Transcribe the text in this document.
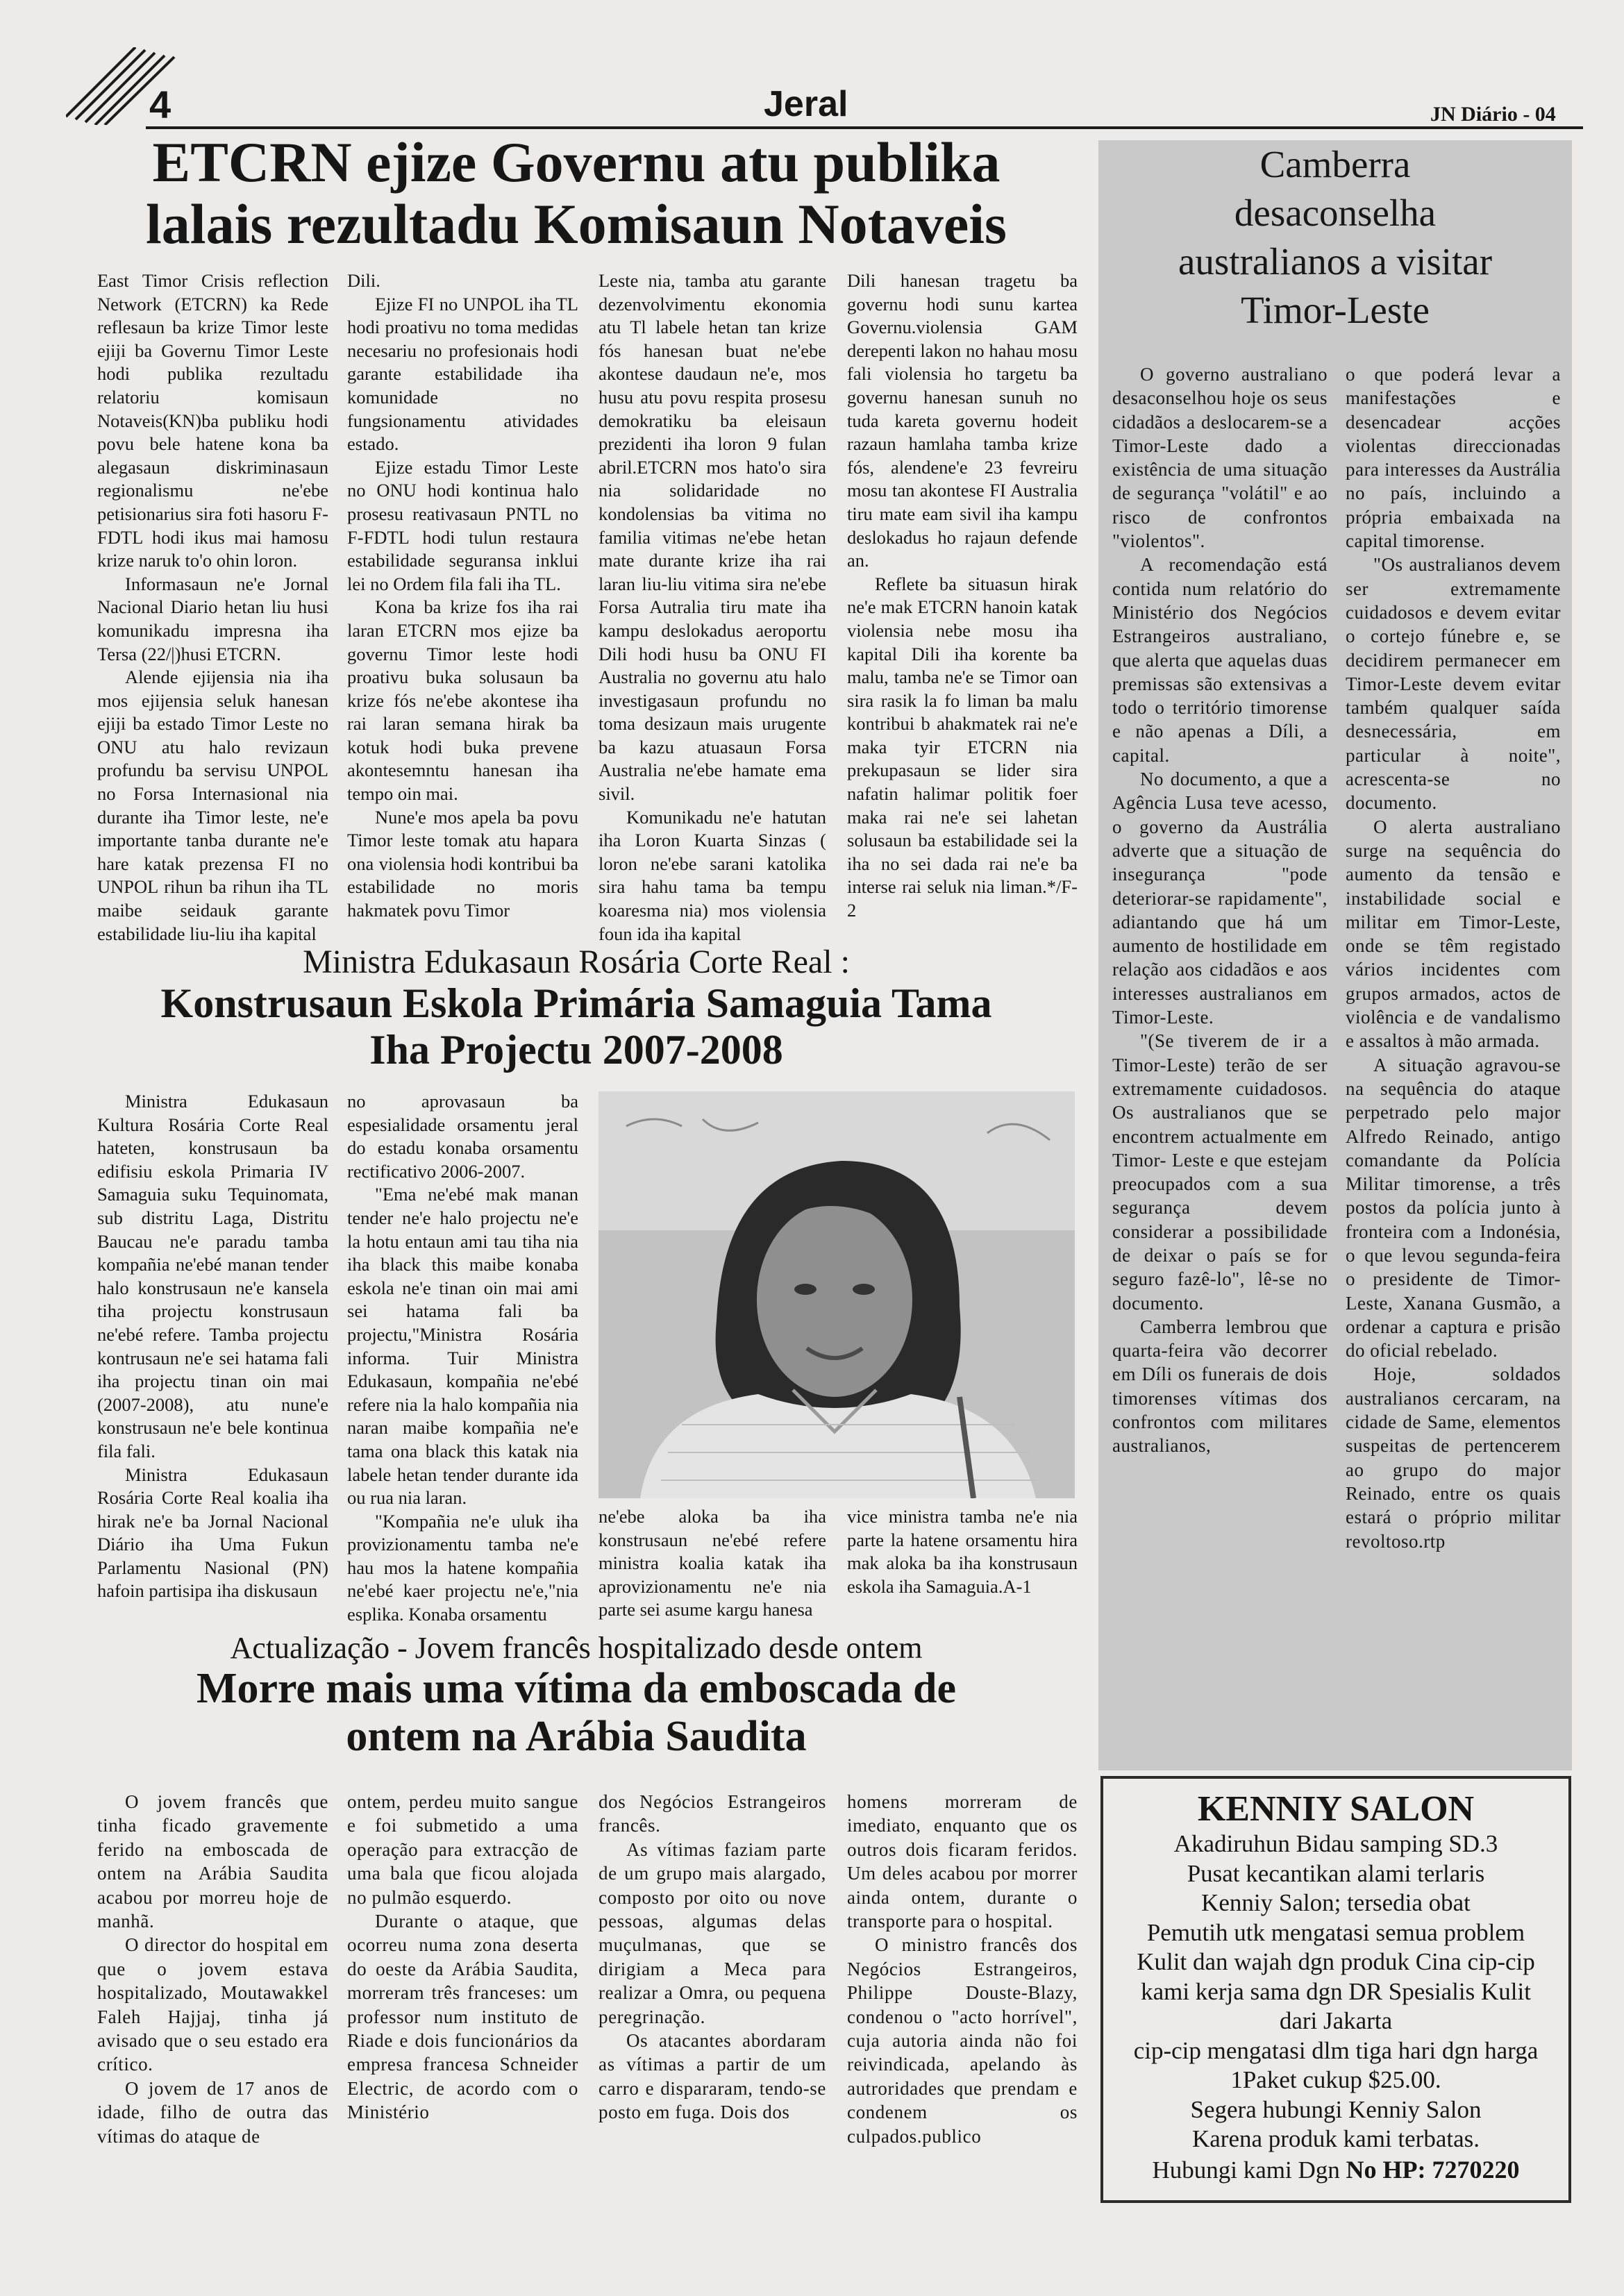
4	Jeral	JN Diário - 04
ETCRN ejize Governu atu publika
lalais rezultadu Komisaun Notaveis

East Timor Crisis reflection Network (ETCRN) ka Rede reflesaun ba krize Timor leste ejiji ba Governu Timor Leste hodi publika rezultadu relatoriu komisaun Notaveis(KN)ba publiku hodi povu bele hatene kona ba alegasaun diskriminasaun regionalismu ne'ebe petisionarius sira foti hasoru F-FDTL hodi ikus mai hamosu krize naruk to'o ohin loron.

Informasaun ne'e Jornal Nacional Diario hetan liu husi komunikadu impresna iha Tersa (22/|)husi ETCRN.

Alende ejijensia nia iha mos ejijensia seluk hanesan ejiji ba estado Timor Leste no ONU atu halo revizaun profundu ba servisu UNPOL no Forsa Internasional nia durante iha Timor leste, ne'e importante tanba durante ne'e hare katak prezensa FI no UNPOL rihun ba rihun iha TL maibe seidauk garante estabilidade liu-liu iha kapital

Dili.

Ejize FI no UNPOL iha TL hodi proativu no toma medidas necesariu no profesionais hodi garante estabilidade iha komunidade no fungsionamentu atividades estado.

Ejize estadu Timor Leste no ONU hodi kontinua halo prosesu reativasaun PNTL no F-FDTL hodi tulun restaura estabilidade seguransa inklui lei no Ordem fila fali iha TL.

Kona ba krize fos iha rai laran ETCRN mos ejize ba governu Timor leste hodi proativu buka solusaun ba krize fós ne'ebe akontese iha rai laran semana hirak ba kotuk hodi buka prevene akontesemntu hanesan iha tempo oin mai.

Nune'e mos apela ba povu Timor leste tomak atu hapara ona violensia hodi kontribui ba estabilidade no moris hakmatek povu Timor

Leste nia, tamba atu garante dezenvolvimentu ekonomia atu Tl labele hetan tan krize fós hanesan buat ne'ebe akontese daudaun ne'e, mos husu atu povu respita prosesu demokratiku ba eleisaun prezidenti iha loron 9 fulan abril.ETCRN mos hato'o sira nia solidaridade no kondolensias ba vitima no familia vitimas ne'ebe hetan mate durante krize iha rai laran liu-liu vitima sira ne'ebe Forsa Autralia tiru mate iha kampu deslokadus aeroportu Dili hodi husu ba ONU FI Australia no governu atu halo investigasaun profundu no toma desizaun mais urugente ba kazu atuasaun Forsa Australia ne'ebe hamate ema sivil.

Komunikadu ne'e hatutan iha Loron Kuarta Sinzas ( loron ne'ebe sarani katolika sira hahu tama ba tempu koaresma nia) mos violensia foun ida iha kapital

Dili hanesan tragetu ba governu hodi sunu kartea Governu.violensia GAM derepenti lakon no hahau mosu fali violensia ho targetu ba governu hanesan sunuh no tuda kareta governu hodeit razaun hamlaha tamba krize fós, alendene'e 23 fevreiru mosu tan akontese FI Australia tiru mate eam sivil iha kampu deslokadus ho rajaun defende an.

Reflete ba situasun hirak ne'e mak ETCRN hanoin katak violensia nebe mosu iha kapital Dili iha korente ba malu, tamba ne'e se Timor oan sira rasik la fo liman ba malu kontribui b ahakmatek rai ne'e maka tyir ETCRN nia prekupasaun se lider sira nafatin halimar politik foer maka rai ne'e sei lahetan solusaun ba estabilidade sei la iha no sei dada rai ne'e ba interse rai seluk nia liman.*/F-2

Ministra Edukasaun Rosária Corte Real :
Konstrusaun Eskola Primária Samaguia Tama
Iha Projectu 2007-2008

Ministra Edukasaun Kultura Rosária Corte Real hateten, konstrusaun ba edifisiu eskola Primaria IV Samaguia suku Tequinomata, sub distritu Laga, Distritu Baucau ne'e paradu tamba kompañia ne'ebé manan tender halo konstrusaun ne'e kansela tiha projectu konstrusaun ne'ebé refere. Tamba projectu kontrusaun ne'e sei hatama fali iha projectu tinan oin mai (2007-2008), atu nune'e konstrusaun ne'e bele kontinua fila fali.

Ministra Edukasaun Rosária Corte Real koalia iha hirak ne'e ba Jornal Nacional Diário iha Uma Fukun Parlamentu Nasional (PN) hafoin partisipa iha diskusaun

no aprovasaun ba espesialidade orsamentu jeral do estadu konaba orsamentu rectificativo 2006-2007.

"Ema ne'ebé mak manan tender ne'e halo projectu ne'e la hotu entaun ami tau tiha nia iha black this maibe konaba eskola ne'e tinan oin mai ami sei hatama fali ba projectu,"Ministra Rosária informa. Tuir Ministra Edukasaun, kompañia ne'ebé refere nia la halo kompañia nia naran maibe kompañia ne'e tama ona black this katak nia labele hetan tender durante ida ou rua nia laran.

"Kompañia ne'e uluk iha provizionamentu tamba ne'e hau mos la hatene kompañia ne'ebé kaer projectu ne'e,"nia esplika. Konaba orsamentu

ne'ebe aloka ba iha konstrusaun ne'ebé refere ministra koalia katak iha aprovizionamentu ne'e nia parte sei asume kargu hanesa

vice ministra tamba ne'e nia parte la hatene orsamentu hira mak aloka ba iha konstrusaun eskola iha Samaguia.A-1

Actualização - Jovem francês hospitalizado desde ontem
Morre mais uma vítima da emboscada de
ontem na Arábia Saudita

O jovem francês que tinha ficado gravemente ferido na emboscada de ontem na Arábia Saudita acabou por morreu hoje de manhã.

O director do hospital em que o jovem estava hospitalizado, Moutawakkel Faleh Hajjaj, tinha já avisado que o seu estado era crítico.

O jovem de 17 anos de idade, filho de outra das vítimas do ataque de

ontem, perdeu muito sangue e foi submetido a uma operação para extracção de uma bala que ficou alojada no pulmão esquerdo.

Durante o ataque, que ocorreu numa zona deserta do oeste da Arábia Saudita, morreram três franceses: um professor num instituto de Riade e dois funcionários da empresa francesa Schneider Electric, de acordo com o Ministério

dos Negócios Estrangeiros francês.

As vítimas faziam parte de um grupo mais alargado, composto por oito ou nove pessoas, algumas delas muçulmanas, que se dirigiam a Meca para realizar a Omra, ou pequena peregrinação.

Os atacantes abordaram as vítimas a partir de um carro e dispararam, tendo-se posto em fuga. Dois dos

homens morreram de imediato, enquanto que os outros dois ficaram feridos. Um deles acabou por morrer ainda ontem, durante o transporte para o hospital.

O ministro francês dos Negócios Estrangeiros, Philippe Douste-Blazy, condenou o "acto horrível", cuja autoria ainda não foi reivindicada, apelando às autroridades que prendam e condenem os culpados.publico

Camberra
desaconselha
australianos a visitar
Timor-Leste

O governo australiano desaconselhou hoje os seus cidadãos a deslocarem-se a Timor-Leste dado a existência de uma situação de segurança "volátil" e ao risco de confrontos "violentos".

A recomendação está contida num relatório do Ministério dos Negócios Estrangeiros australiano, que alerta que aquelas duas premissas são extensivas a todo o território timorense e não apenas a Díli, a capital.

No documento, a que a Agência Lusa teve acesso, o governo da Austrália adverte que a situação de insegurança "pode deteriorar-se rapidamente", adiantando que há um aumento de hostilidade em relação aos cidadãos e aos interesses australianos em Timor-Leste.

"(Se tiverem de ir a Timor-Leste) terão de ser extremamente cuidadosos. Os australianos que se encontrem actualmente em Timor- Leste e que estejam preocupados com a sua segurança devem considerar a possibilidade de deixar o país se for seguro fazê-lo", lê-se no documento.

Camberra lembrou que quarta-feira vão decorrer em Díli os funerais de dois timorenses vítimas dos confrontos com militares australianos,

o que poderá levar a manifestações e desencadear acções violentas direccionadas para interesses da Austrália no país, incluindo a própria embaixada na capital timorense.

"Os australianos devem ser extremamente cuidadosos e devem evitar o cortejo fúnebre e, se decidirem permanecer em Timor-Leste devem evitar também qualquer saída desnecessária, em particular à noite", acrescenta-se no documento.

O alerta australiano surge na sequência do aumento da tensão e instabilidade social e militar em Timor-Leste, onde se têm registado vários incidentes com grupos armados, actos de violência e de vandalismo e assaltos à mão armada.

A situação agravou-se na sequência do ataque perpetrado pelo major Alfredo Reinado, antigo comandante da Polícia Militar timorense, a três postos da polícia junto à fronteira com a Indonésia, o que levou segunda-feira o presidente de Timor-Leste, Xanana Gusmão, a ordenar a captura e prisão do oficial rebelado.

Hoje, soldados australianos cercaram, na cidade de Same, elementos suspeitas de pertencerem ao grupo do major Reinado, entre os quais estará o próprio militar revoltoso.rtp

KENNIY SALON
Akadiruhun Bidau samping SD.3
Pusat kecantikan alami terlaris
Kenniy Salon; tersedia obat
Pemutih utk mengatasi semua problem
Kulit dan wajah dgn produk Cina cip-cip
kami kerja sama dgn DR Spesialis Kulit
dari Jakarta
cip-cip mengatasi dlm tiga hari dgn harga
1Paket cukup $25.00.
Segera hubungi Kenniy Salon
Karena produk kami terbatas.
Hubungi kami Dgn No HP: 7270220
